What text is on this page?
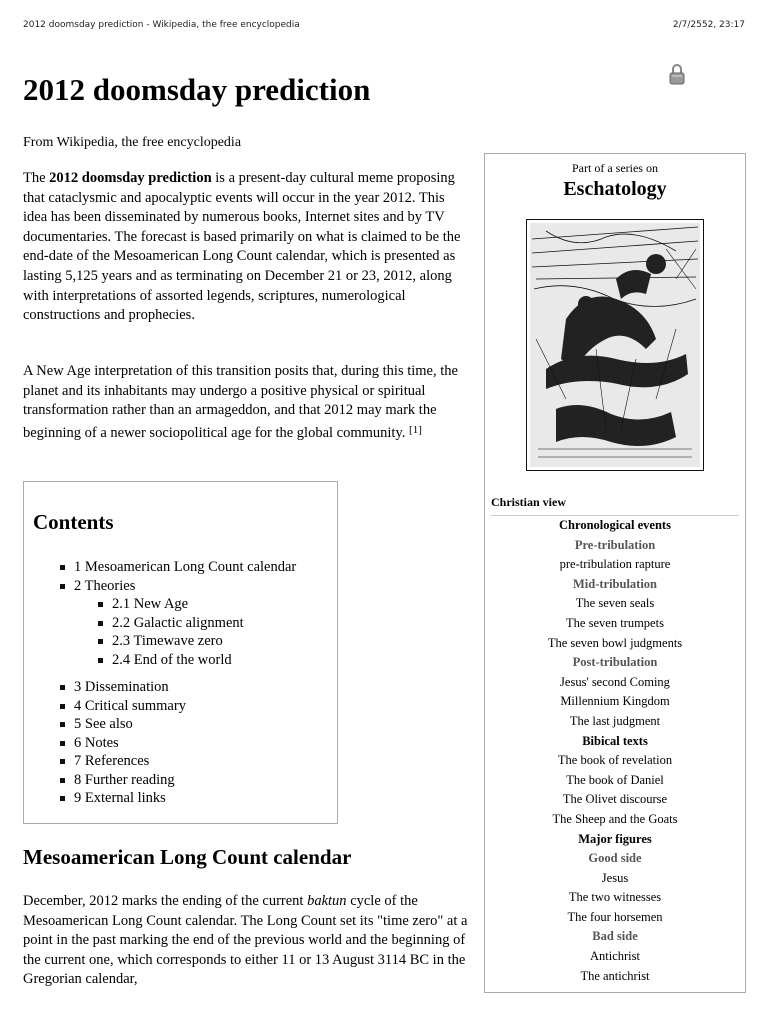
2012 doomsday prediction - Wikipedia, the free encyclopedia	2/7/2552, 23:17
2012 doomsday prediction
From Wikipedia, the free encyclopedia

The 2012 doomsday prediction is a present-day cultural meme proposing that cataclysmic and apocalyptic events will occur in the year 2012. This idea has been disseminated by numerous books, Internet sites and by TV documentaries. The forecast is based primarily on what is claimed to be the end-date of the Mesoamerican Long Count calendar, which is presented as lasting 5,125 years and as terminating on December 21 or 23, 2012, along with interpretations of assorted legends, scriptures, numerological constructions and prophecies.

A New Age interpretation of this transition posits that, during this time, the planet and its inhabitants may undergo a positive physical or spiritual transformation rather than an armageddon, and that 2012 may mark the beginning of a newer sociopolitical age for the global community. [1]

Contents
1 Mesoamerican Long Count calendar
2 Theories
2.1 New Age
2.2 Galactic alignment
2.3 Timewave zero
2.4 End of the world
3 Dissemination
4 Critical summary
5 See also
6 Notes
7 References
8 Further reading
9 External links
Mesoamerican Long Count calendar

December, 2012 marks the ending of the current baktun cycle of the Mesoamerican Long Count calendar. The Long Count set its "time zero" at a point in the past marking the end of the previous world and the beginning of the current one, which corresponds to either 11 or 13 August 3114 BC in the Gregorian calendar,

Part of a series on
Eschatology
Christian view
Chronological events
Pre-tribulation
pre-tribulation rapture
Mid-tribulation
The seven seals
The seven trumpets
The seven bowl judgments
Post-tribulation
Jesus' second Coming
Millennium Kingdom
The last judgment
Bibical texts
The book of revelation
The book of Daniel
The Olivet discourse
The Sheep and the Goats
Major figures
Good side
Jesus
The two witnesses
The four horsemen
Bad side
Antichrist
The antichrist
